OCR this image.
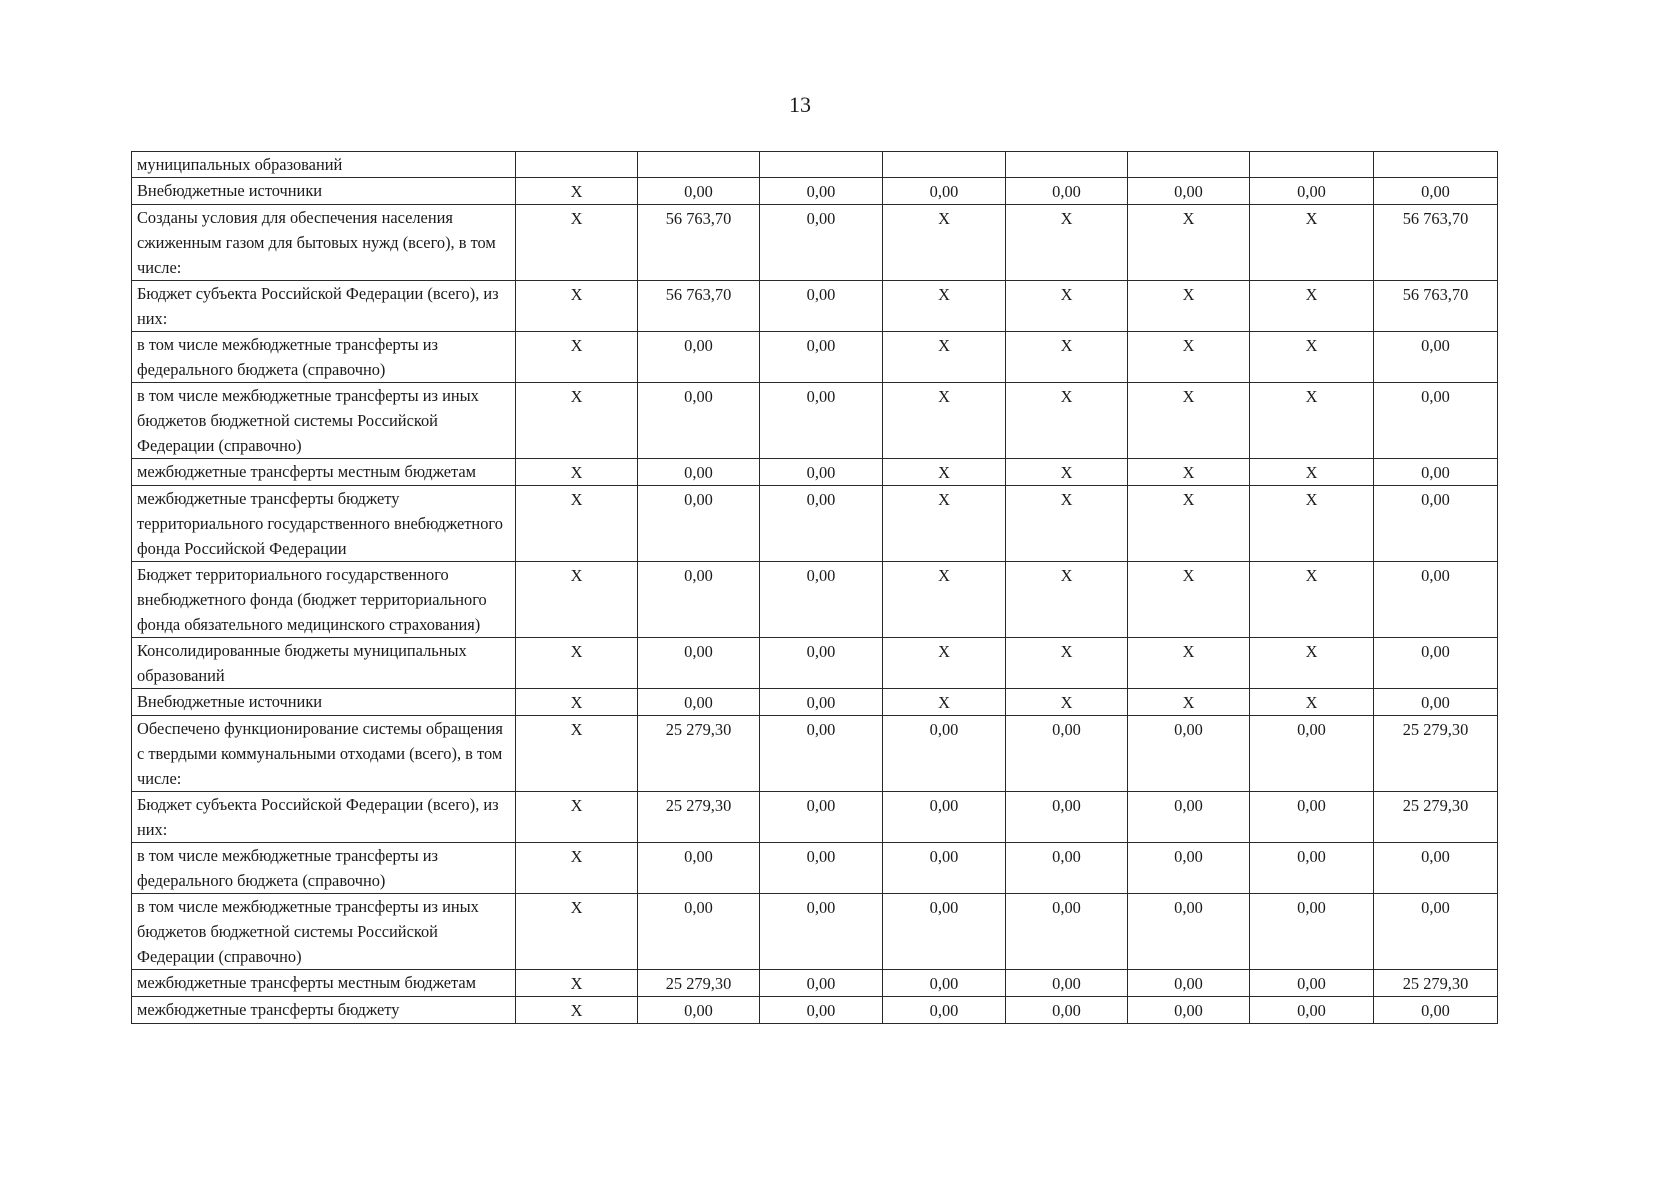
13
муниципальных образований								
Внебюджетные источники	Х	0,00	0,00	0,00	0,00	0,00	0,00	0,00
Созданы условия для обеспечения населения сжиженным газом для бытовых нужд (всего), в том числе:	Х	56 763,70	0,00	Х	Х	Х	Х	56 763,70
Бюджет субъекта Российской Федерации (всего), из них:	Х	56 763,70	0,00	Х	Х	Х	Х	56 763,70
в том числе межбюджетные трансферты из федерального бюджета (справочно)	Х	0,00	0,00	Х	Х	Х	Х	0,00
в том числе межбюджетные трансферты из иных бюджетов бюджетной системы Российской Федерации (справочно)	Х	0,00	0,00	Х	Х	Х	Х	0,00
межбюджетные трансферты местным бюджетам	Х	0,00	0,00	Х	Х	Х	Х	0,00
межбюджетные трансферты бюджету территориального государственного внебюджетного фонда Российской Федерации	Х	0,00	0,00	Х	Х	Х	Х	0,00
Бюджет территориального государственного внебюджетного фонда (бюджет территориального фонда обязательного медицинского страхования)	Х	0,00	0,00	Х	Х	Х	Х	0,00
Консолидированные бюджеты муниципальных образований	Х	0,00	0,00	Х	Х	Х	Х	0,00
Внебюджетные источники	Х	0,00	0,00	Х	Х	Х	Х	0,00
Обеспечено функционирование системы обращения с твердыми коммунальными отходами (всего), в том числе:	Х	25 279,30	0,00	0,00	0,00	0,00	0,00	25 279,30
Бюджет субъекта Российской Федерации (всего), из них:	Х	25 279,30	0,00	0,00	0,00	0,00	0,00	25 279,30
в том числе межбюджетные трансферты из федерального бюджета (справочно)	Х	0,00	0,00	0,00	0,00	0,00	0,00	0,00
в том числе межбюджетные трансферты из иных бюджетов бюджетной системы Российской Федерации (справочно)	Х	0,00	0,00	0,00	0,00	0,00	0,00	0,00
межбюджетные трансферты местным бюджетам	Х	25 279,30	0,00	0,00	0,00	0,00	0,00	25 279,30
межбюджетные трансферты бюджету	Х	0,00	0,00	0,00	0,00	0,00	0,00	0,00
